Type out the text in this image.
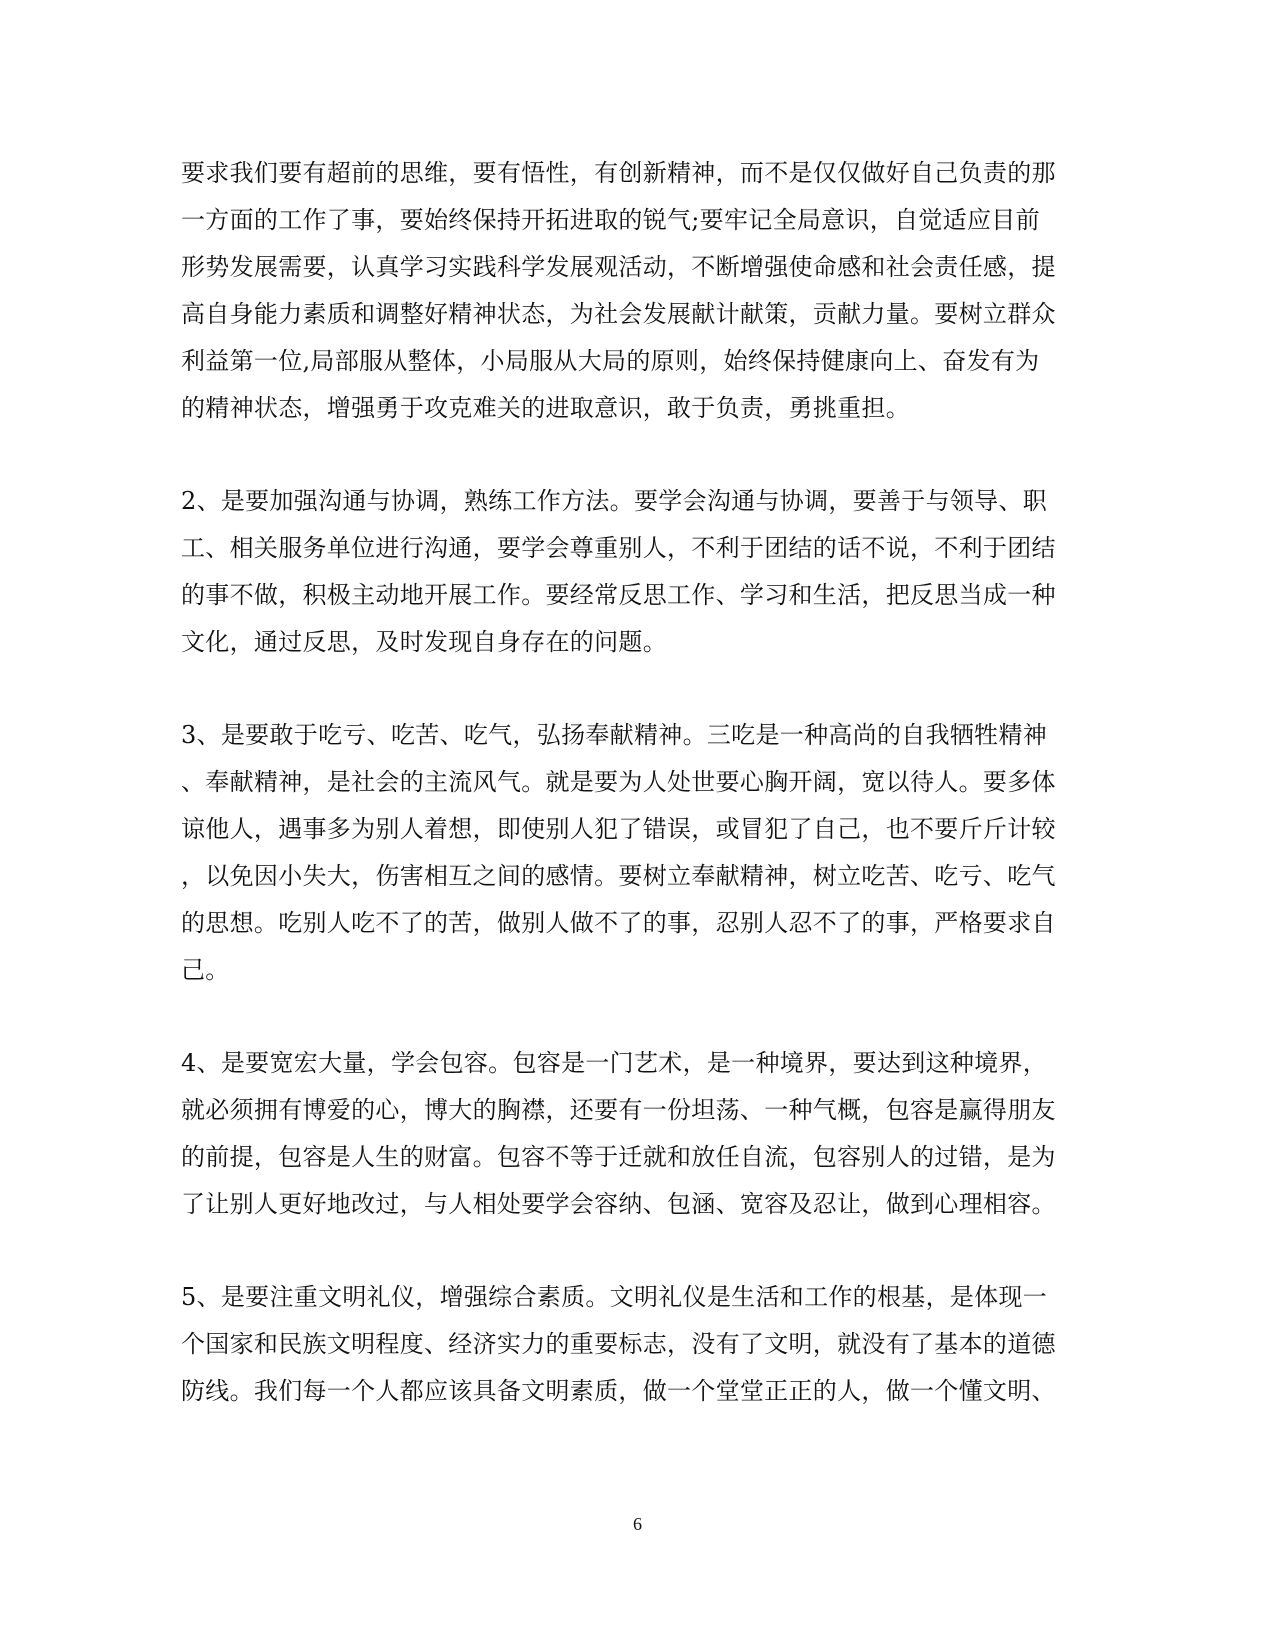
要求我们要有超前的思维，要有悟性，有创新精神，而不是仅仅做好自己负责的那
一方面的工作了事，要始终保持开拓进取的锐气;要牢记全局意识，自觉适应目前
形势发展需要，认真学习实践科学发展观活动，不断增强使命感和社会责任感，提
高自身能力素质和调整好精神状态，为社会发展献计献策，贡献力量。要树立群众
利益第一位,局部服从整体，小局服从大局的原则，始终保持健康向上、奋发有为
的精神状态，增强勇于攻克难关的进取意识，敢于负责，勇挑重担。

2、是要加强沟通与协调，熟练工作方法。要学会沟通与协调，要善于与领导、职
工、相关服务单位进行沟通，要学会尊重别人，不利于团结的话不说，不利于团结
的事不做，积极主动地开展工作。要经常反思工作、学习和生活，把反思当成一种
文化，通过反思，及时发现自身存在的问题。

3、是要敢于吃亏、吃苦、吃气，弘扬奉献精神。三吃是一种高尚的自我牺牲精神
、奉献精神，是社会的主流风气。就是要为人处世要心胸开阔，宽以待人。要多体
谅他人，遇事多为别人着想，即使别人犯了错误，或冒犯了自己，也不要斤斤计较
，以免因小失大，伤害相互之间的感情。要树立奉献精神，树立吃苦、吃亏、吃气
的思想。吃别人吃不了的苦，做别人做不了的事，忍别人忍不了的事，严格要求自
己。

4、是要宽宏大量，学会包容。包容是一门艺术，是一种境界，要达到这种境界，
就必须拥有博爱的心，博大的胸襟，还要有一份坦荡、一种气概，包容是赢得朋友
的前提，包容是人生的财富。包容不等于迁就和放任自流，包容别人的过错，是为
了让别人更好地改过，与人相处要学会容纳、包涵、宽容及忍让，做到心理相容。

5、是要注重文明礼仪，增强综合素质。文明礼仪是生活和工作的根基，是体现一
个国家和民族文明程度、经济实力的重要标志，没有了文明，就没有了基本的道德
防线。我们每一个人都应该具备文明素质，做一个堂堂正正的人，做一个懂文明、

6
